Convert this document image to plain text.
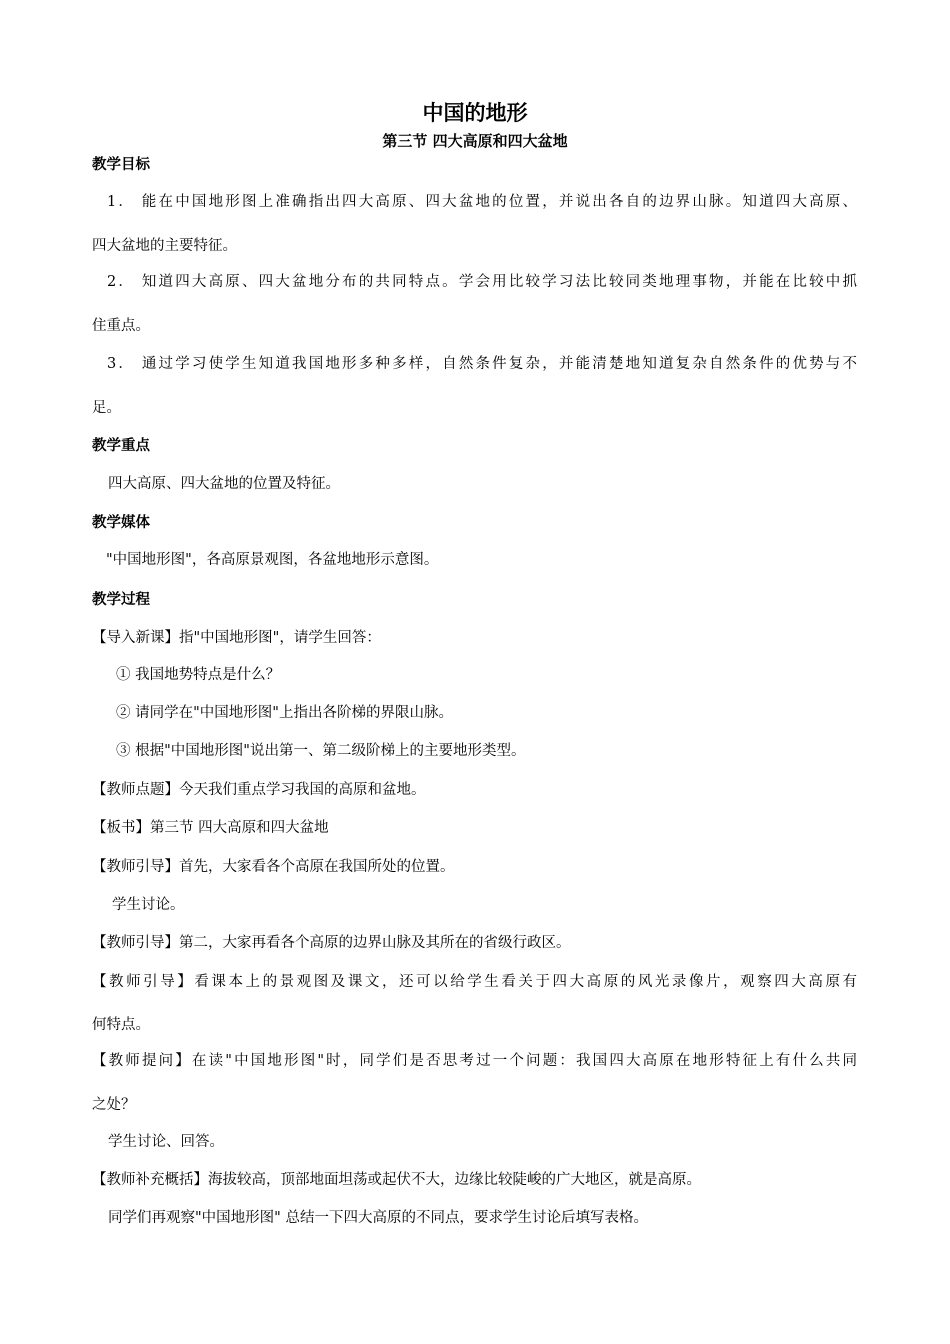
中国的地形
第三节 四大高原和四大盆地
教学目标
1． 能在中国地形图上准确指出四大高原、四大盆地的位置，并说出各自的边界山脉。知道四大高原、
四大盆地的主要特征。
2． 知道四大高原、四大盆地分布的共同特点。学会用比较学习法比较同类地理事物，并能在比较中抓
住重点。
3． 通过学习使学生知道我国地形多种多样，自然条件复杂，并能清楚地知道复杂自然条件的优势与不
足。
教学重点
四大高原、四大盆地的位置及特征。
教学媒体
"中国地形图"，各高原景观图，各盆地地形示意图。
教学过程
【导入新课】指"中国地形图"，请学生回答：
① 我国地势特点是什么？
② 请同学在"中国地形图"上指出各阶梯的界限山脉。
③ 根据"中国地形图"说出第一、第二级阶梯上的主要地形类型。
【教师点题】今天我们重点学习我国的高原和盆地。
【板书】第三节 四大高原和四大盆地
【教师引导】首先，大家看各个高原在我国所处的位置。
学生讨论。
【教师引导】第二，大家再看各个高原的边界山脉及其所在的省级行政区。
【教师引导】看课本上的景观图及课文，还可以给学生看关于四大高原的风光录像片，观察四大高原有
何特点。
【教师提问】在读"中国地形图"时，同学们是否思考过一个问题：我国四大高原在地形特征上有什么共同
之处？
学生讨论、回答。
【教师补充概括】海拔较高，顶部地面坦荡或起伏不大，边缘比较陡峻的广大地区，就是高原。
同学们再观察"中国地形图" 总结一下四大高原的不同点，要求学生讨论后填写表格。
